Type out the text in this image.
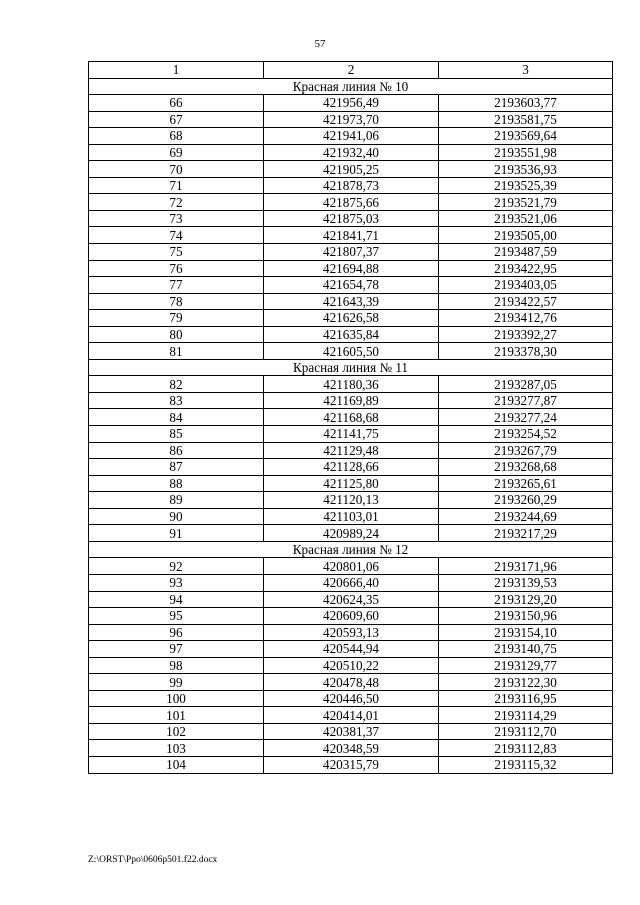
57
1	2	3
Красная линия № 10		
66	421956,49	2193603,77
67	421973,70	2193581,75
68	421941,06	2193569,64
69	421932,40	2193551,98
70	421905,25	2193536,93
71	421878,73	2193525,39
72	421875,66	2193521,79
73	421875,03	2193521,06
74	421841,71	2193505,00
75	421807,37	2193487,59
76	421694,88	2193422,95
77	421654,78	2193403,05
78	421643,39	2193422,57
79	421626,58	2193412,76
80	421635,84	2193392,27
81	421605,50	2193378,30
Красная линия № 11		
82	421180,36	2193287,05
83	421169,89	2193277,87
84	421168,68	2193277,24
85	421141,75	2193254,52
86	421129,48	2193267,79
87	421128,66	2193268,68
88	421125,80	2193265,61
89	421120,13	2193260,29
90	421103,01	2193244,69
91	420989,24	2193217,29
Красная линия № 12		
92	420801,06	2193171,96
93	420666,40	2193139,53
94	420624,35	2193129,20
95	420609,60	2193150,96
96	420593,13	2193154,10
97	420544,94	2193140,75
98	420510,22	2193129,77
99	420478,48	2193122,30
100	420446,50	2193116,95
101	420414,01	2193114,29
102	420381,37	2193112,70
103	420348,59	2193112,83
104	420315,79	2193115,32
Z:\ORST\Ppo\0606p501.f22.docx
